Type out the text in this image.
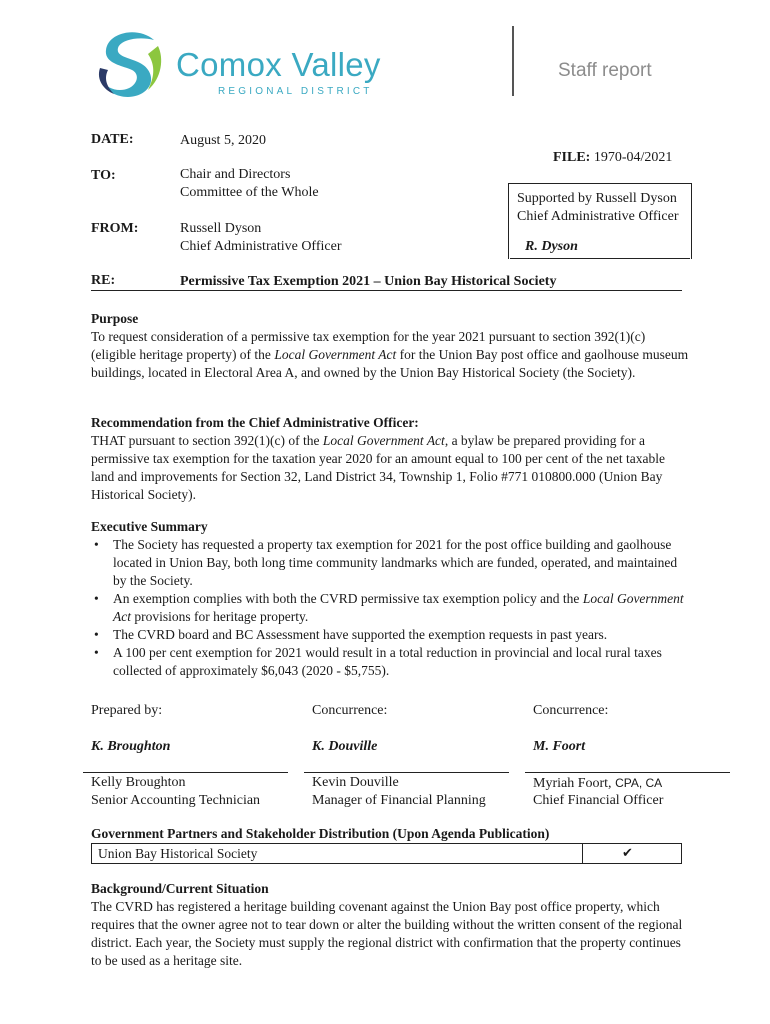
Comox Valley
REGIONAL DISTRICT
Staff report
DATE:	August 5, 2020
FILE: 1970-04/2021
TO:	Chair and Directors
Committee of the Whole	Supported by Russell Dyson
Chief Administrative Officer
R. Dyson
FROM:	Russell Dyson
Chief Administrative Officer
RE:	Permissive Tax Exemption 2021 – Union Bay Historical Society
Purpose
To request consideration of a permissive tax exemption for the year 2021 pursuant to section 392(1)(c) (eligible heritage property) of the Local Government Act for the Union Bay post office and gaolhouse museum buildings, located in Electoral Area A, and owned by the Union Bay Historical Society (the Society).
Recommendation from the Chief Administrative Officer:
THAT pursuant to section 392(1)(c) of the Local Government Act, a bylaw be prepared providing for a permissive tax exemption for the taxation year 2020 for an amount equal to 100 per cent of the net taxable land and improvements for Section 32, Land District 34, Township 1, Folio #771 010800.000 (Union Bay Historical Society).
Executive Summary
• The Society has requested a property tax exemption for 2021 for the post office building and gaolhouse located in Union Bay, both long time community landmarks which are funded, operated, and maintained by the Society.
• An exemption complies with both the CVRD permissive tax exemption policy and the Local Government Act provisions for heritage property.
• The CVRD board and BC Assessment have supported the exemption requests in past years.
• A 100 per cent exemption for 2021 would result in a total reduction in provincial and local rural taxes collected of approximately $6,043 (2020 - $5,755).
Prepared by:
K. Broughton
Kelly Broughton
Senior Accounting Technician
Concurrence:
K. Douville
Kevin Douville
Manager of Financial Planning
Concurrence:
M. Foort
Myriah Foort, CPA, CA
Chief Financial Officer
Government Partners and Stakeholder Distribution (Upon Agenda Publication)
Union Bay Historical Society	✔
Background/Current Situation
The CVRD has registered a heritage building covenant against the Union Bay post office property, which requires that the owner agree not to tear down or alter the building without the written consent of the regional district. Each year, the Society must supply the regional district with confirmation that the property continues to be used as a heritage site.
